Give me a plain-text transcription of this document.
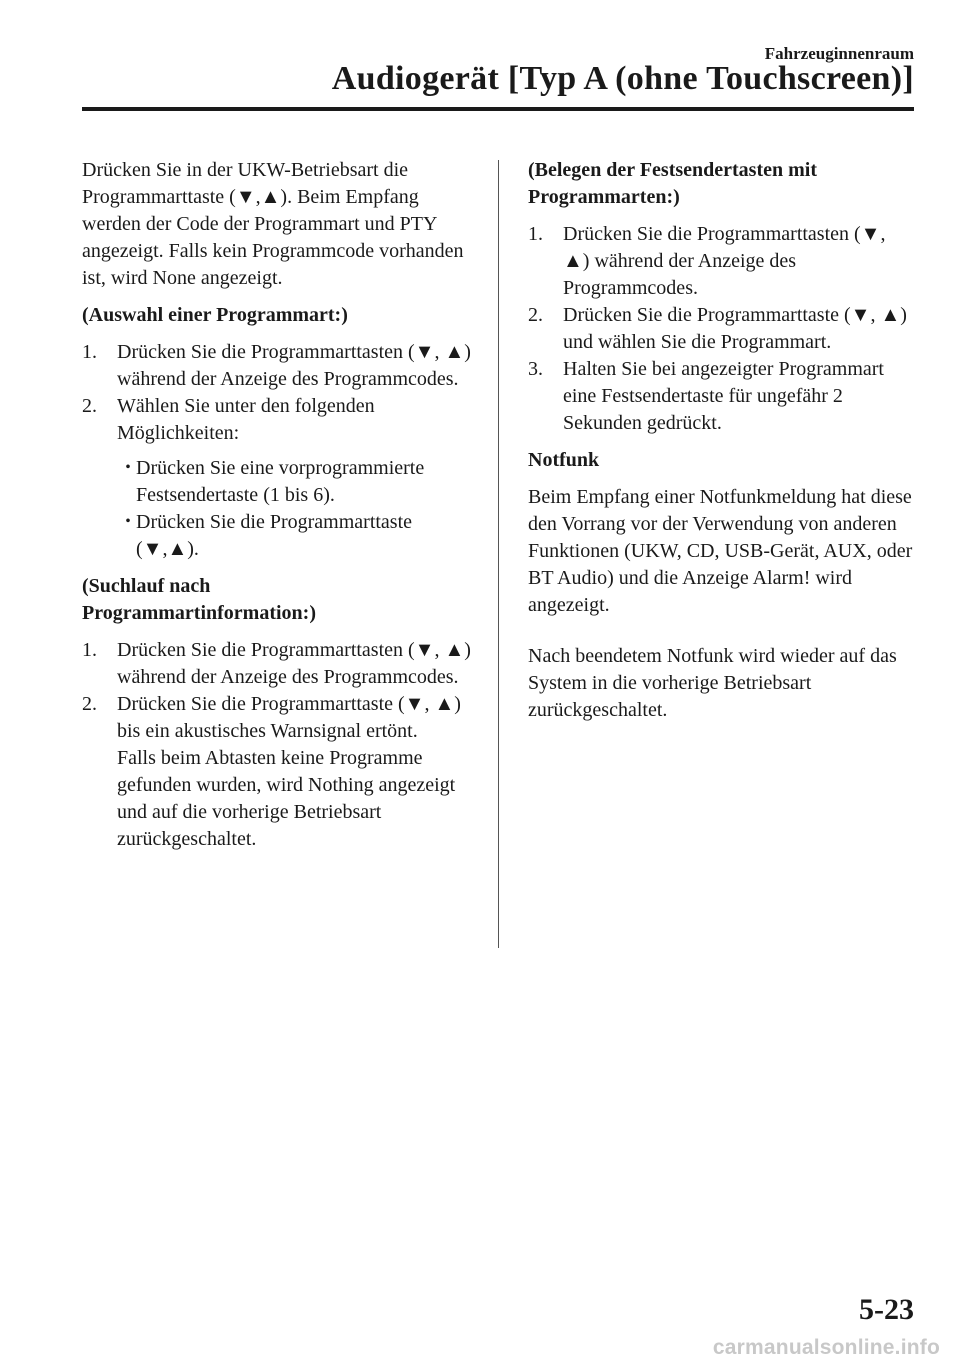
Fahrzeuginnenraum
Audiogerät [Typ A (ohne Touchscreen)]

Drücken Sie in der UKW-Betriebsart die Programmarttaste (▼,▲). Beim Empfang werden der Code der Programmart und PTY angezeigt. Falls kein Programmcode vorhanden ist, wird None angezeigt.

(Auswahl einer Programmart:)

1.	Drücken Sie die Programmarttasten (▼, ▲) während der Anzeige des Programmcodes.
2.	Wählen Sie unter den folgenden Möglichkeiten:
･ Drücken Sie eine vorprogrammierte Festsendertaste (1 bis 6).
･ Drücken Sie die Programmarttaste (▼,▲).

(Suchlauf nach
Programmartinformation:)

1.	Drücken Sie die Programmarttasten (▼, ▲) während der Anzeige des Programmcodes.
2.	Drücken Sie die Programmarttaste (▼, ▲) bis ein akustisches Warnsignal ertönt.
Falls beim Abtasten keine Programme gefunden wurden, wird Nothing angezeigt und auf die vorherige Betriebsart zurückgeschaltet.

(Belegen der Festsendertasten mit
Programmarten:)

1.	Drücken Sie die Programmarttasten (▼, ▲) während der Anzeige des Programmcodes.
2.	Drücken Sie die Programmarttaste (▼, ▲) und wählen Sie die Programmart.
3.	Halten Sie bei angezeigter Programmart eine Festsendertaste für ungefähr 2 Sekunden gedrückt.

Notfunk

Beim Empfang einer Notfunkmeldung hat diese den Vorrang vor der Verwendung von anderen Funktionen (UKW, CD, USB-Gerät, AUX, oder BT Audio) und die Anzeige Alarm! wird angezeigt.

Nach beendetem Notfunk wird wieder auf das System in die vorherige Betriebsart zurückgeschaltet.

5-23
carmanualsonline.info
